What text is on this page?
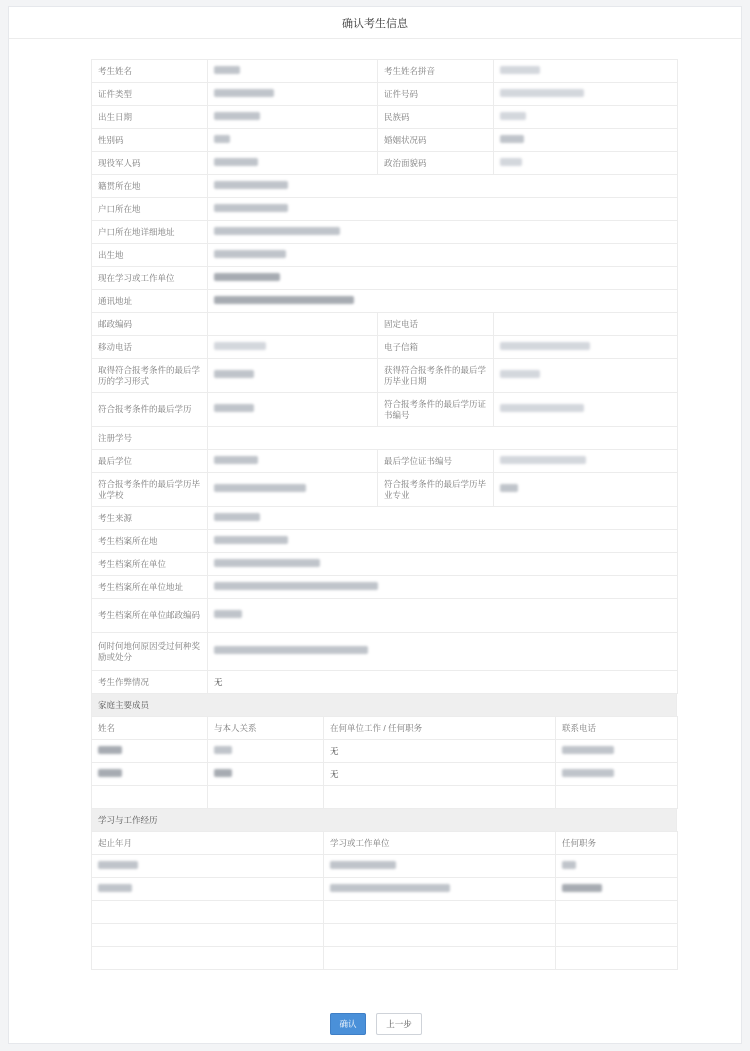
确认考生信息
考生姓名		考生姓名拼音	
证件类型		证件号码	
出生日期		民族码	
性别码		婚姻状况码	
现役军人码		政治面貌码	
籍贯所在地			
户口所在地			
户口所在地详细地址			
出生地			
现在学习或工作单位			
通讯地址			
邮政编码		固定电话	
移动电话		电子信箱	
取得符合报考条件的最后学历的学习形式		获得符合报考条件的最后学历毕业日期	
符合报考条件的最后学历		符合报考条件的最后学历证书编号	
注册学号			
最后学位		最后学位证书编号	
符合报考条件的最后学历毕业学校		符合报考条件的最后学历毕业专业	
考生来源			
考生档案所在地			
考生档案所在单位			
考生档案所在单位地址			
考生档案所在单位邮政编码			
何时何地何原因受过何种奖励或处分			
考生作弊情况	无		
家庭主要成员
姓名	与本人关系	在何单位工作 / 任何职务	联系电话
		无	
		无	

学习与工作经历
起止年月	学习或工作单位	任何职务

确认	上一步
